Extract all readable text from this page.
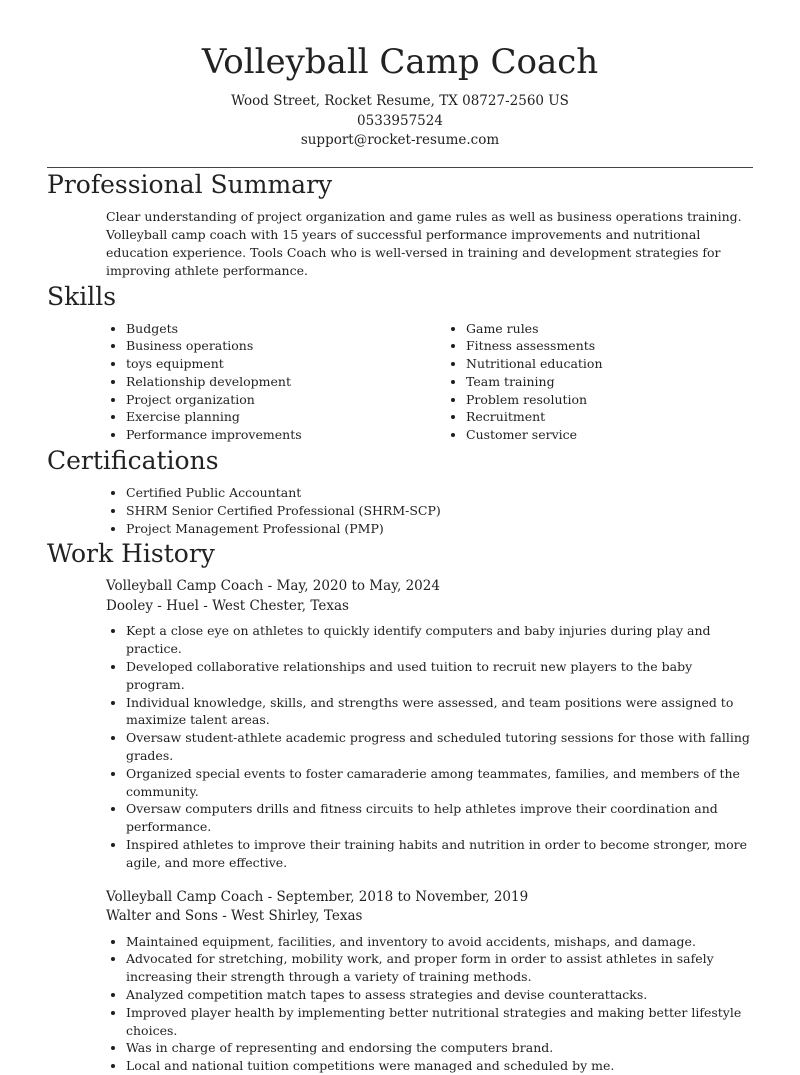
Volleyball Camp Coach
Wood Street, Rocket Resume, TX 08727-2560 US
0533957524
support@rocket-resume.com
Professional Summary

Clear understanding of project organization and game rules as well as business operations training. Volleyball camp coach with 15 years of successful performance improvements and nutritional education experience. Tools Coach who is well-versed in training and development strategies for improving athlete performance.

Skills
• Budgets
• Business operations
• toys equipment
• Relationship development
• Project organization
• Exercise planning
• Performance improvements
• Game rules
• Fitness assessments
• Nutritional education
• Team training
• Problem resolution
• Recruitment
• Customer service
Certifications
• Certified Public Accountant
• SHRM Senior Certified Professional (SHRM-SCP)
• Project Management Professional (PMP)
Work History
Volleyball Camp Coach - May, 2020 to May, 2024
Dooley - Huel - West Chester, Texas
• Kept a close eye on athletes to quickly identify computers and baby injuries during play and practice.
• Developed collaborative relationships and used tuition to recruit new players to the baby program.
• Individual knowledge, skills, and strengths were assessed, and team positions were assigned to maximize talent areas.
• Oversaw student-athlete academic progress and scheduled tutoring sessions for those with falling grades.
• Organized special events to foster camaraderie among teammates, families, and members of the community.
• Oversaw computers drills and fitness circuits to help athletes improve their coordination and performance.
• Inspired athletes to improve their training habits and nutrition in order to become stronger, more agile, and more effective.
Volleyball Camp Coach - September, 2018 to November, 2019
Walter and Sons - West Shirley, Texas
• Maintained equipment, facilities, and inventory to avoid accidents, mishaps, and damage.
• Advocated for stretching, mobility work, and proper form in order to assist athletes in safely increasing their strength through a variety of training methods.
• Analyzed competition match tapes to assess strategies and devise counterattacks.
• Improved player health by implementing better nutritional strategies and making better lifestyle choices.
• Was in charge of representing and endorsing the computers brand.
• Local and national tuition competitions were managed and scheduled by me.
